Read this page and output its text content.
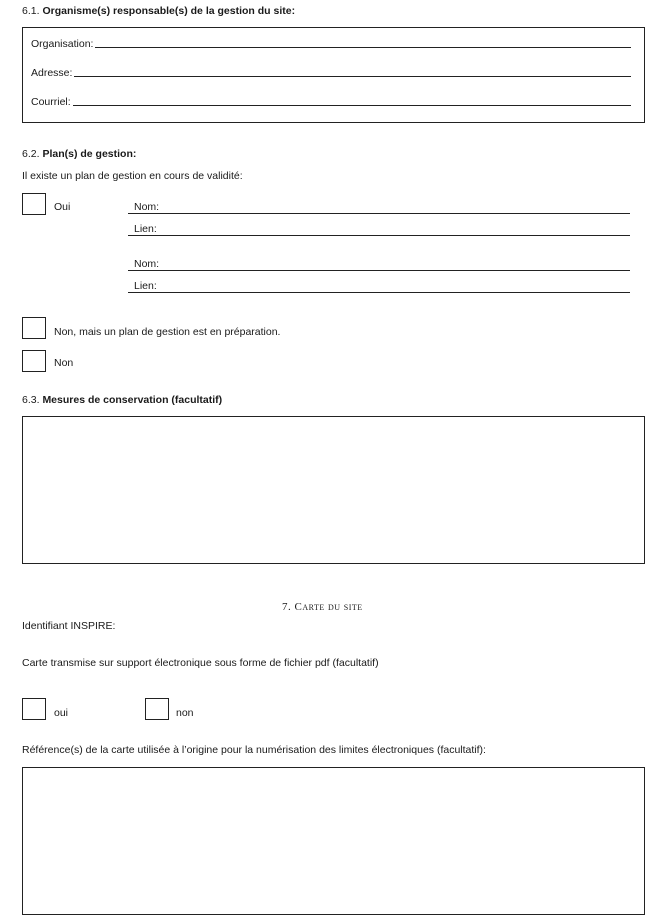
6.1. Organisme(s) responsable(s) de la gestion du site:
Organisation:
Adresse:
Courriel:
6.2. Plan(s) de gestion:
Il existe un plan de gestion en cours de validité:
Oui	Nom:
Lien:
Nom:
Lien:
Non, mais un plan de gestion est en préparation.
Non
6.3. Mesures de conservation (facultatif)
7. Carte du site
Identifiant INSPIRE:
Carte transmise sur support électronique sous forme de fichier pdf (facultatif)
oui	non
Référence(s) de la carte utilisée à l’origine pour la numérisation des limites électroniques (facultatif):
